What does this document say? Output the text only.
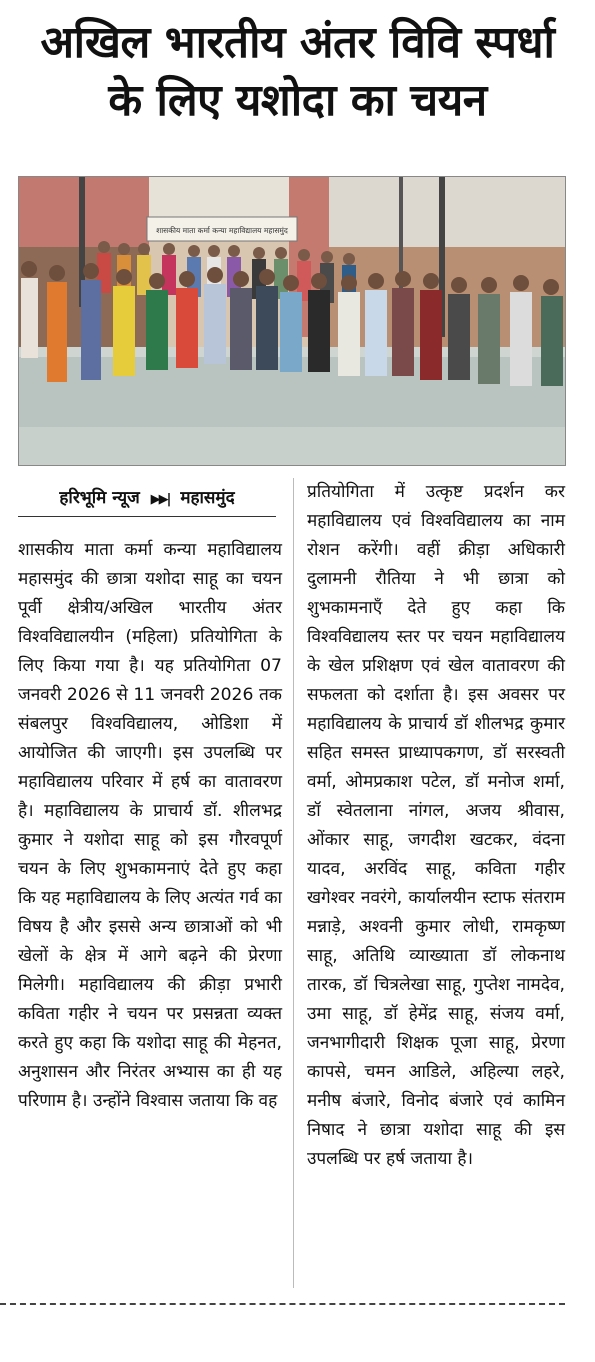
अखिल भारतीय अंतर विवि स्पर्धा
के लिए यशोदा का चयन
शासकीय माता कर्मा कन्या महाविद्यालय महासमुंद
हरिभूमि न्यूज ▶▶| महासमुंद
शासकीय माता कर्मा कन्या महाविद्यालय महासमुंद की छात्रा यशोदा साहू का चयन पूर्वी क्षेत्रीय/अखिल भारतीय अंतर विश्वविद्यालयीन (महिला) प्रतियोगिता के लिए किया गया है। यह प्रतियोगिता 07 जनवरी 2026 से 11 जनवरी 2026 तक संबलपुर विश्वविद्यालय, ओडिशा में आयोजित की जाएगी। इस उपलब्धि पर महाविद्यालय परिवार में हर्ष का वातावरण है। महाविद्यालय के प्राचार्य डॉ. शीलभद्र कुमार ने यशोदा साहू को इस गौरवपूर्ण चयन के लिए शुभकामनाएं देते हुए कहा कि यह महाविद्यालय के लिए अत्यंत गर्व का विषय है और इससे अन्य छात्राओं को भी खेलों के क्षेत्र में आगे बढ़ने की प्रेरणा मिलेगी। महाविद्यालय की क्रीड़ा प्रभारी कविता गहीर ने चयन पर प्रसन्नता व्यक्त करते हुए कहा कि यशोदा साहू की मेहनत, अनुशासन और निरंतर अभ्यास का ही यह परिणाम है। उन्होंने विश्वास जताया कि वह
प्रतियोगिता में उत्कृष्ट प्रदर्शन कर महाविद्यालय एवं विश्वविद्यालय का नाम रोशन करेंगी। वहीं क्रीड़ा अधिकारी दुलामनी रौतिया ने भी छात्रा को शुभकामनाएँ देते हुए कहा कि विश्वविद्यालय स्तर पर चयन महाविद्यालय के खेल प्रशिक्षण एवं खेल वातावरण की सफलता को दर्शाता है। इस अवसर पर महाविद्यालय के प्राचार्य डॉ शीलभद्र कुमार सहित समस्त प्राध्यापकगण, डॉ सरस्वती वर्मा, ओमप्रकाश पटेल, डॉ मनोज शर्मा, डॉ स्वेतलाना नांगल, अजय श्रीवास, ओंकार साहू, जगदीश खटकर, वंदना यादव, अरविंद साहू, कविता गहीर खगेश्वर नवरंगे, कार्यालयीन स्टाफ संतराम मन्नाड़े, अश्वनी कुमार लोधी, रामकृष्ण साहू, अतिथि व्याख्याता डॉ लोकनाथ तारक, डॉ चित्रलेखा साहू, गुप्तेश नामदेव, उमा साहू, डॉ हेमेंद्र साहू, संजय वर्मा, जनभागीदारी शिक्षक पूजा साहू, प्रेरणा कापसे, चमन आडिले, अहिल्या लहरे, मनीष बंजारे, विनोद बंजारे एवं कामिन निषाद ने छात्रा यशोदा साहू की इस उपलब्धि पर हर्ष जताया है।
